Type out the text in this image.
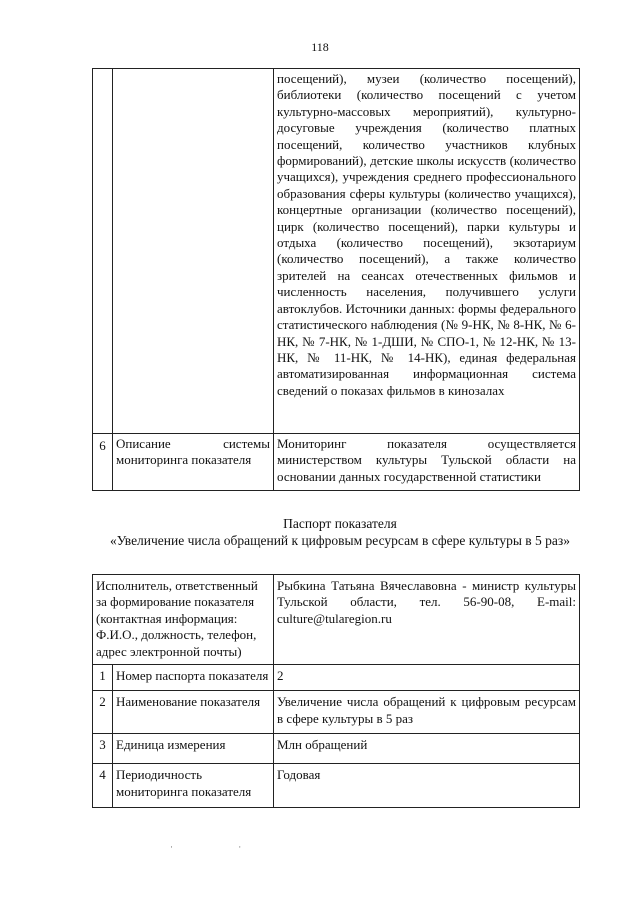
118
		посещений), музеи (количество посещений), библиотеки (количество посещений с учетом культурно-массовых мероприятий), культурно-досуговые учреждения (количество платных посещений, количество участников клубных формирований), детские школы искусств (количество учащихся), учреждения среднего профессионального образования сферы культуры (количество учащихся), концертные организации (количество посещений), цирк (количество посещений), парки культуры и отдыха (количество посещений), экзотариум (количество посещений), а также количество зрителей на сеансах отечественных фильмов и численность населения, получившего услуги автоклубов. Источники данных: формы федерального статистического наблюдения (№ 9-НК, № 8-НК, № 6-НК, № 7-НК, № 1-ДШИ, № СПО-1, № 12-НК, № 13-НК, № 11-НК, № 14-НК), единая федеральная автоматизированная информационная система сведений о показах фильмов в кинозалах
6	Описание системы мониторинга показателя	Мониторинг показателя осуществляется министерством культуры Тульской области на основании данных государственной статистики
Паспорт показателя
«Увеличение числа обращений к цифровым ресурсам в сфере культуры в 5 раз»
Исполнитель, ответственный за формирование показателя (контактная информация: Ф.И.О., должность, телефон, адрес электронной почты)		Рыбкина Татьяна Вячеславовна - министр культуры Тульской области, тел. 56-90-08, E-mail: culture@tularegion.ru
1	Номер паспорта показателя	2
2	Наименование показателя	Увеличение числа обращений к цифровым ресурсам в сфере культуры в 5 раз
3	Единица измерения	Млн обращений
4	Периодичность мониторинга показателя	Годовая
·                             ·
